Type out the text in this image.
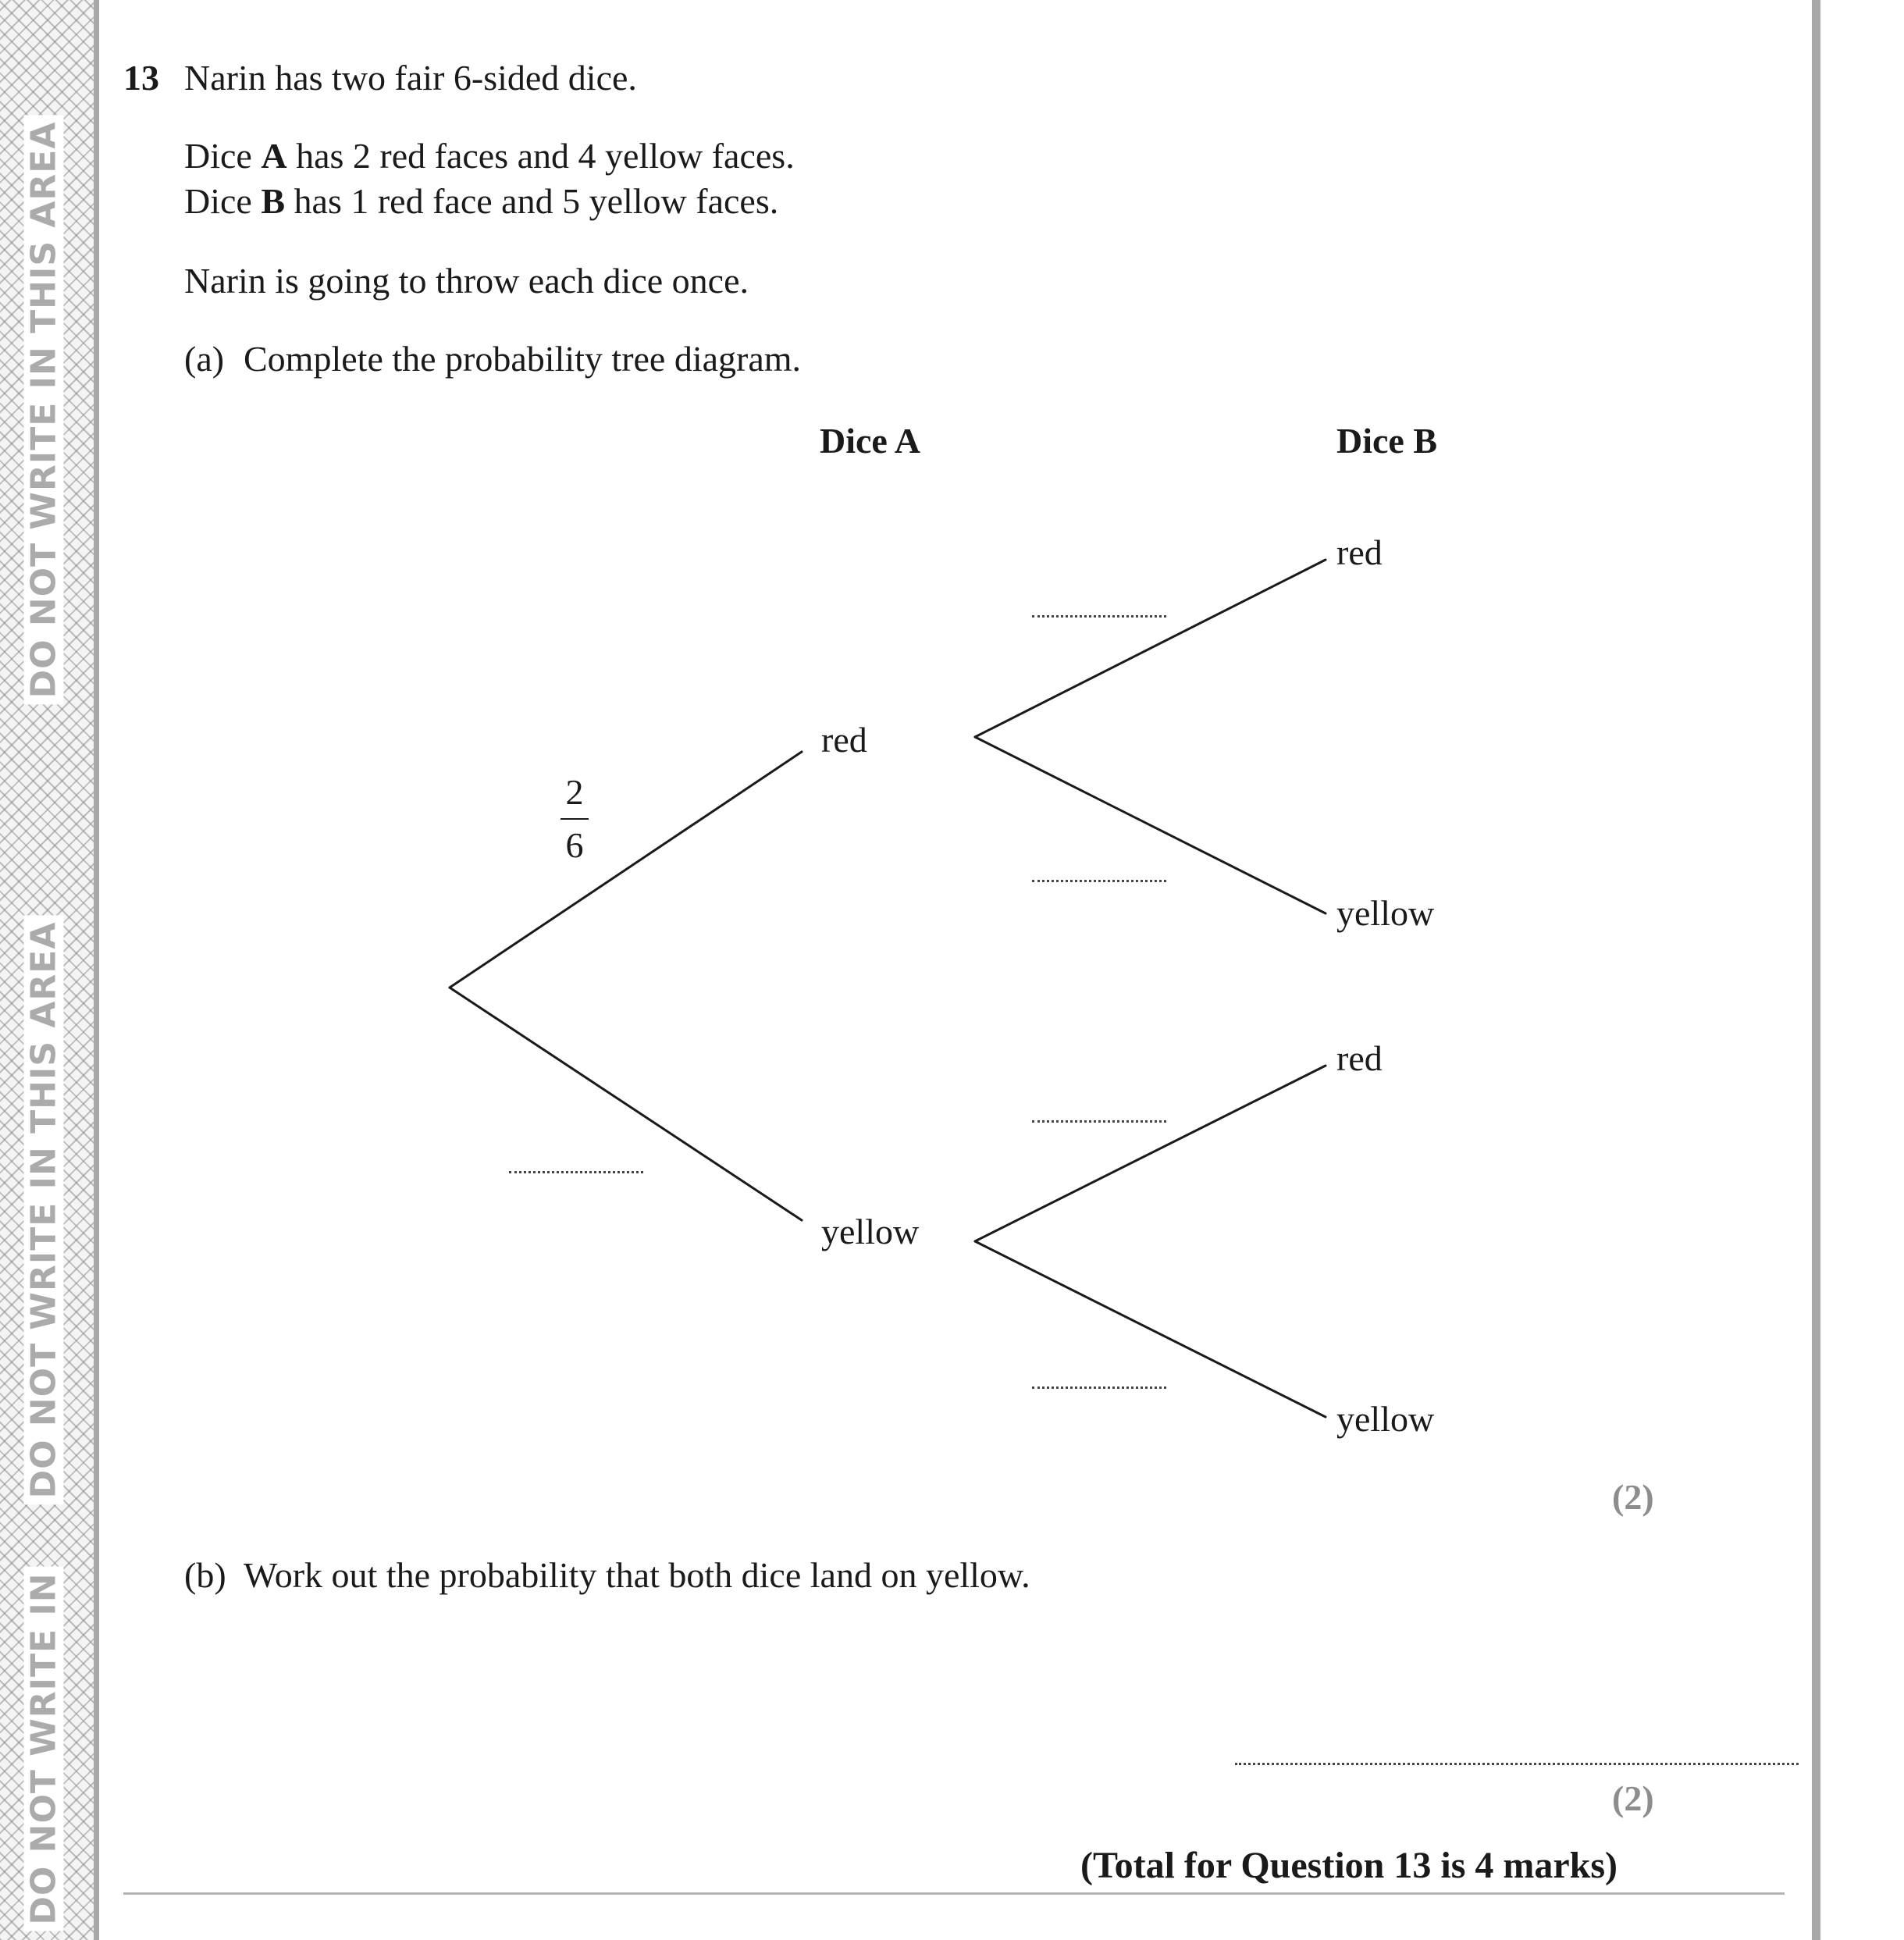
DO NOT WRITE IN THIS AREA
DO NOT WRITE IN THIS AREA
DO NOT WRITE IN
13 Narin has two fair 6-sided dice.
Dice A has 2 red faces and 4 yellow faces.
Dice B has 1 red face and 5 yellow faces.
Narin is going to throw each dice once.
(a) Complete the probability tree diagram.
Dice A	Dice B
red
yellow
red
yellow
red
yellow
2
6
(2)
(b) Work out the probability that both dice land on yellow.
(2)
(Total for Question 13 is 4 marks)
